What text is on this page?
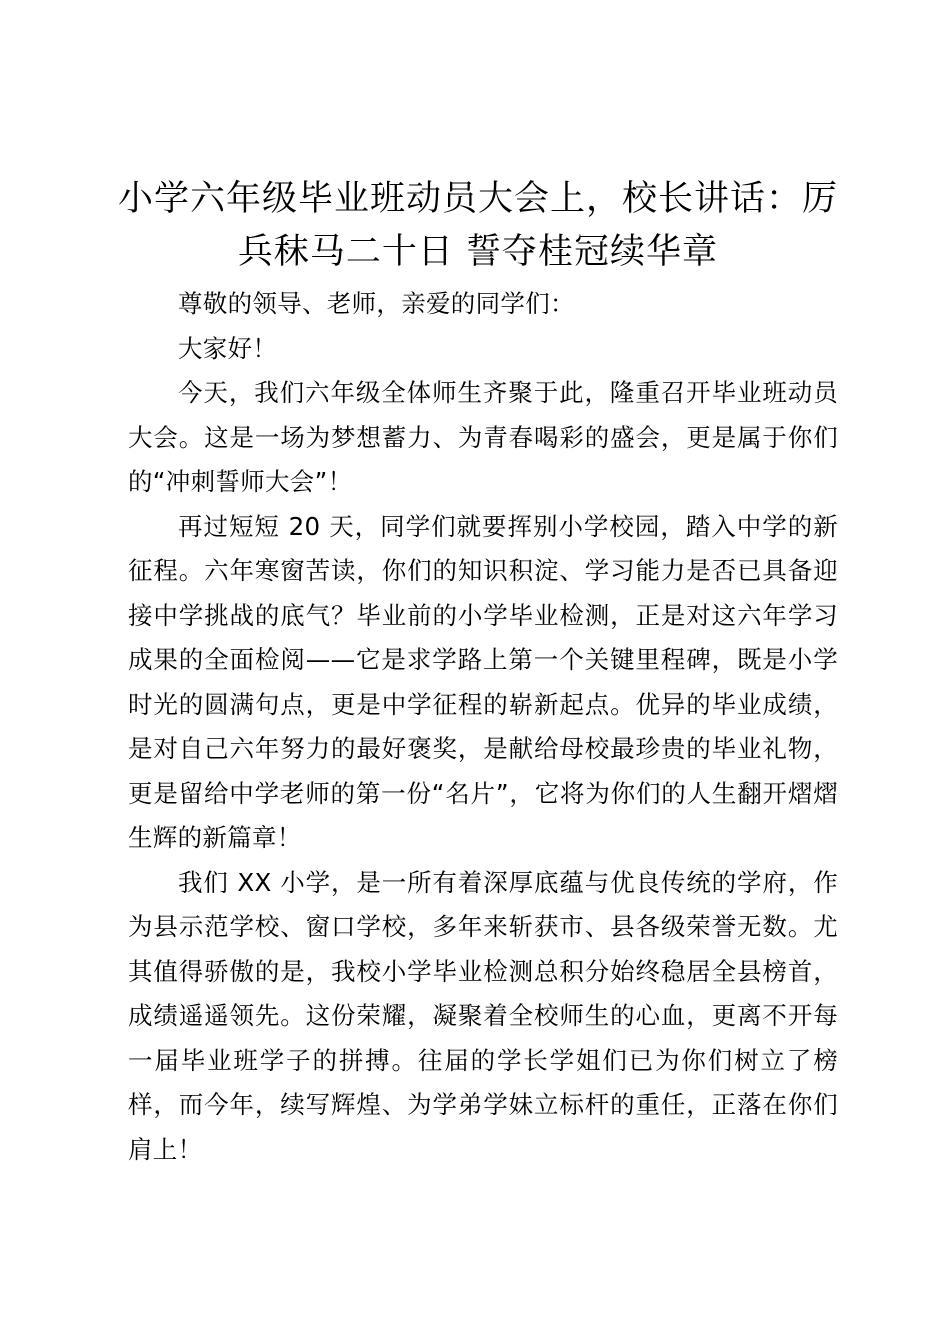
小学六年级毕业班动员大会上，校长讲话：厉兵秣马二十日 誓夺桂冠续华章

尊敬的领导、老师，亲爱的同学们：

大家好！

今天，我们六年级全体师生齐聚于此，隆重召开毕业班动员大会。这是一场为梦想蓄力、为青春喝彩的盛会，更是属于你们的“冲刺誓师大会”！

再过短短 20 天，同学们就要挥别小学校园，踏入中学的新征程。六年寒窗苦读，你们的知识积淀、学习能力是否已具备迎接中学挑战的底气？毕业前的小学毕业检测，正是对这六年学习成果的全面检阅——它是求学路上第一个关键里程碑，既是小学时光的圆满句点，更是中学征程的崭新起点。优异的毕业成绩，是对自己六年努力的最好褒奖，是献给母校最珍贵的毕业礼物，更是留给中学老师的第一份“名片”，它将为你们的人生翻开熠熠生辉的新篇章！

我们 XX 小学，是一所有着深厚底蕴与优良传统的学府，作为县示范学校、窗口学校，多年来斩获市、县各级荣誉无数。尤其值得骄傲的是，我校小学毕业检测总积分始终稳居全县榜首，成绩遥遥领先。这份荣耀，凝聚着全校师生的心血，更离不开每一届毕业班学子的拼搏。往届的学长学姐们已为你们树立了榜样，而今年，续写辉煌、为学弟学妹立标杆的重任，正落在你们肩上！
